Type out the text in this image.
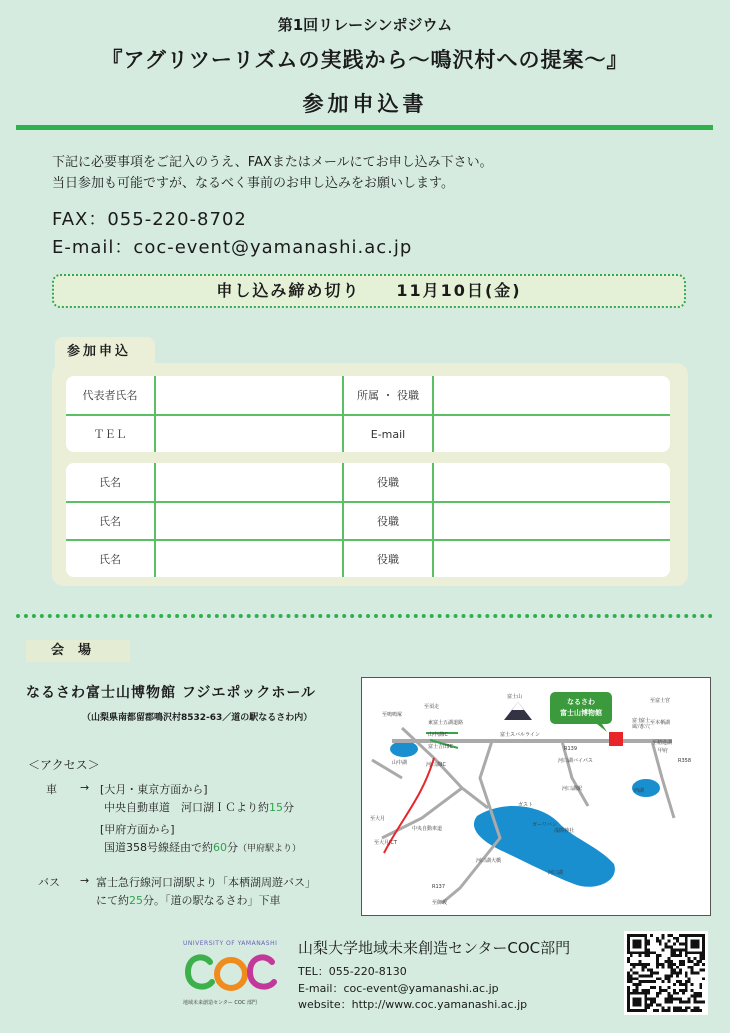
第1回リレーシンポジウム
『アグリツーリズムの実践から～鳴沢村への提案～』
参加申込書
下記に必要事項をご記入のうえ、FAXまたはメールにてお申し込み下さい。
当日参加も可能ですが、なるべく事前のお申し込みをお願いします。
FAX：055-220-8702
E-mail：coc-event@yamanashi.ac.jp
申し込み締め切り　　11月10日(金)
参加申込
代表者氏名	所属 ・ 役職
ＴＥＬ	E-mail
氏名	役職
氏名	役職
氏名	役職
会場
なるさわ富士山博物館 フジエポックホール
（山梨県南都留郡鳴沢村8532-63／道の駅なるさわ内）
＜アクセス＞
車 → [大月・東京方面から]
中央自動車道　河口湖ＩＣより約15分
[甲府方面から]
国道358号線経由で約60分（甲府駅より）
バス → 富士急行線河口湖駅より「本栖湖周遊バス」
にて約25分。「道の駅なるさわ」下車
なるさわ
富士山博物館
富士山
至鳴鳴塚
至須走
東富士五湖道路
山中湖IC
富士吉田IC
山中湖	河口湖IC
富士スバルライン
R139
河口湖バイパス
河口湖駅
ガスト
ガーリバン
浅間神社
中央自動車道
至大月
至大月JCT
河口湖大橋
河口湖
R137
至御坂
至富士宮
至本栖湖
至精進湖
甲府
R358
西湖
富士
風穴
富士
氷穴
UNIVERSITY OF YAMANASHI
地域未来創造センター COC 部門
山梨大学地域未来創造センターCOC部門
TEL：055-220-8130
E-mail：coc-event@yamanashi.ac.jp
website：http://www.coc.yamanashi.ac.jp
